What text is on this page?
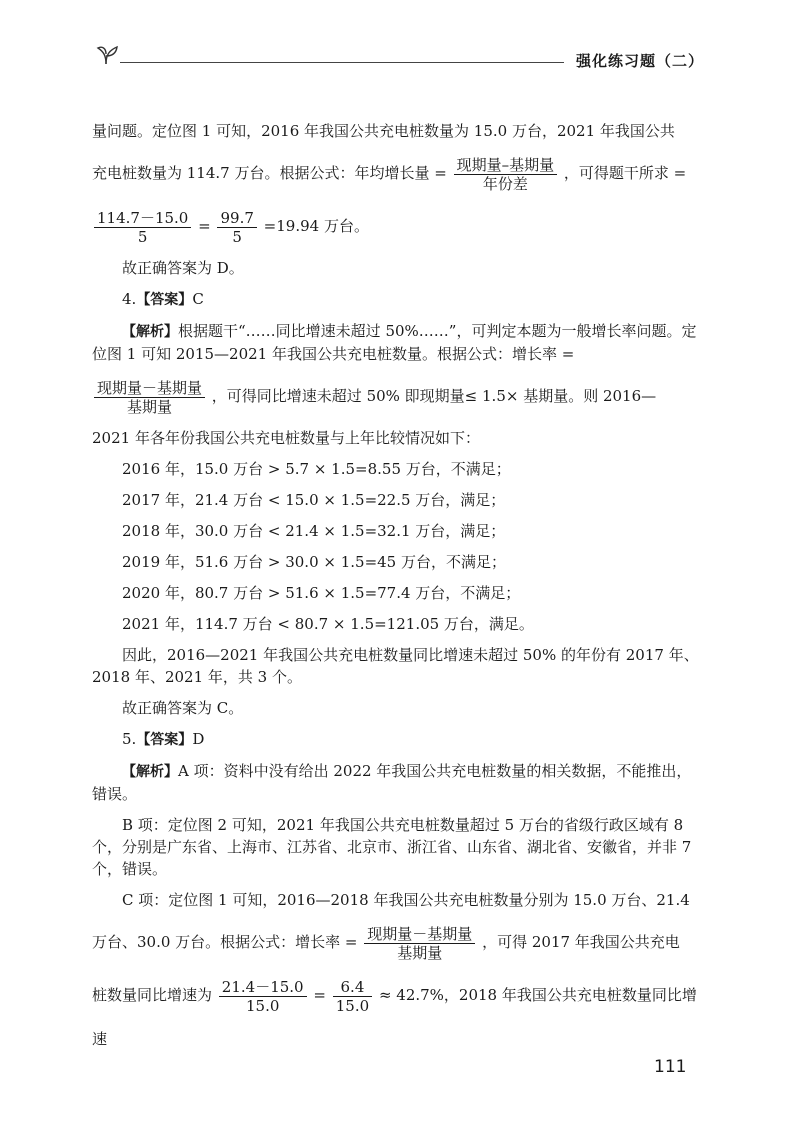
强化练习题（二）

量问题。定位图 1 可知，2016 年我国公共充电桩数量为 15.0 万台，2021 年我国公共

充电桩数量为 114.7 万台。根据公式：年均增长量 = $\frac{\text{现期量–基期量}}{\text{年份差}}$ ，可得题干所求 =

$\frac{114.7-15.0}{5} = \frac{99.7}{5} =19.94$ 万台。

故正确答案为 D。

4.【答案】C

【解析】根据题干“……同比增速未超过 50%……”，可判定本题为一般增长率问题。定位图 1 可知 2015—2021 年我国公共充电桩数量。根据公式：增长率 =

$\frac{\text{现期量－基期量}}{\text{基期量}}$ ，可得同比增速未超过 50% 即现期量≤ 1.5× 基期量。则 2016—

2021 年各年份我国公共充电桩数量与上年比较情况如下：

2016 年，15.0 万台 > 5.7 × 1.5=8.55 万台，不满足；

2017 年，21.4 万台 < 15.0 × 1.5=22.5 万台，满足；

2018 年，30.0 万台 < 21.4 × 1.5=32.1 万台，满足；

2019 年，51.6 万台 > 30.0 × 1.5=45 万台，不满足；

2020 年，80.7 万台 > 51.6 × 1.5=77.4 万台，不满足；

2021 年，114.7 万台 < 80.7 × 1.5=121.05 万台，满足。

因此，2016—2021 年我国公共充电桩数量同比增速未超过 50% 的年份有 2017 年、2018 年、2021 年，共 3 个。

故正确答案为 C。

5.【答案】D

【解析】A 项：资料中没有给出 2022 年我国公共充电桩数量的相关数据，不能推出，错误。

B 项：定位图 2 可知，2021 年我国公共充电桩数量超过 5 万台的省级行政区域有 8 个，分别是广东省、上海市、江苏省、北京市、浙江省、山东省、湖北省、安徽省，并非 7 个，错误。

C 项：定位图 1 可知，2016—2018 年我国公共充电桩数量分别为 15.0 万台、21.4

万台、30.0 万台。根据公式：增长率 = $\frac{\text{现期量－基期量}}{\text{基期量}}$ ，可得 2017 年我国公共充电

桩数量同比增速为 $\frac{21.4-15.0}{15.0} = \frac{6.4}{15.0} \approx 42.7\%$，2018 年我国公共充电桩数量同比增速

111
